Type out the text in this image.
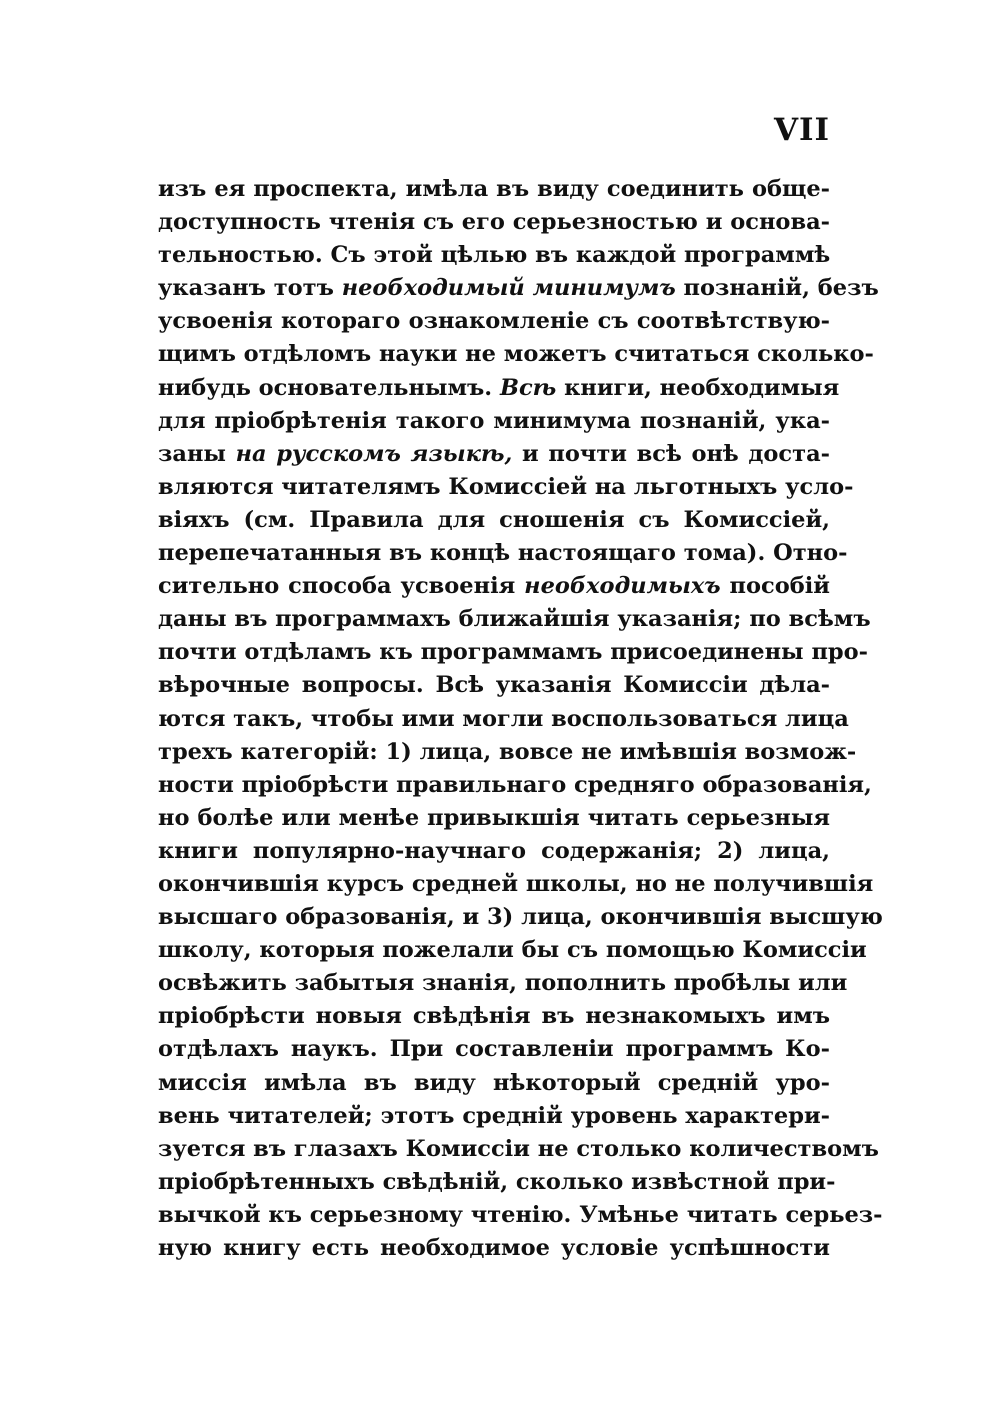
VII
изъ ея проспекта, имѣла въ виду соединить обще-
доступность чтенія съ его серьезностью и основа-
тельностью. Съ этой цѣлью въ каждой программѣ
указанъ тотъ необходимый минимумъ познаній, безъ
усвоенія котораго ознакомленіе съ соотвѣтствую-
щимъ отдѣломъ науки не можетъ считаться сколько-
нибудь основательнымъ. Всѣ книги, необходимыя
для пріобрѣтенія такого минимума познаній, ука-
заны на русскомъ языкѣ, и почти всѣ онѣ доста-
вляются читателямъ Комиссіей на льготныхъ усло-
віяхъ (см. Правила для сношенія съ Комиссіей,
перепечатанныя въ концѣ настоящаго тома). Отно-
сительно способа усвоенія необходимыхъ пособій
даны въ программахъ ближайшія указанія; по всѣмъ
почти отдѣламъ къ программамъ присоединены про-
вѣрочные вопросы. Всѣ указанія Комиссіи дѣла-
ются такъ, чтобы ими могли воспользоваться лица
трехъ категорій: 1) лица, вовсе не имѣвшія возмож-
ности пріобрѣсти правильнаго средняго образованія,
но болѣе или менѣе привыкшія читать серьезныя
книги популярно-научнаго содержанія; 2) лица,
окончившія курсъ средней школы, но не получившія
высшаго образованія, и 3) лица, окончившія высшую
школу, которыя пожелали бы съ помощью Комиссіи
освѣжить забытыя знанія, пополнить пробѣлы или
пріобрѣсти новыя свѣдѣнія въ незнакомыхъ имъ
отдѣлахъ наукъ. При составленіи программъ Ко-
миссія имѣла въ виду нѣкоторый средній уро-
вень читателей; этотъ средній уровень характери-
зуется въ глазахъ Комиссіи не столько количествомъ
пріобрѣтенныхъ свѣдѣній, сколько извѣстной при-
вычкой къ серьезному чтенію. Умѣнье читать серьез-
ную книгу есть необходимое условіе успѣшности
